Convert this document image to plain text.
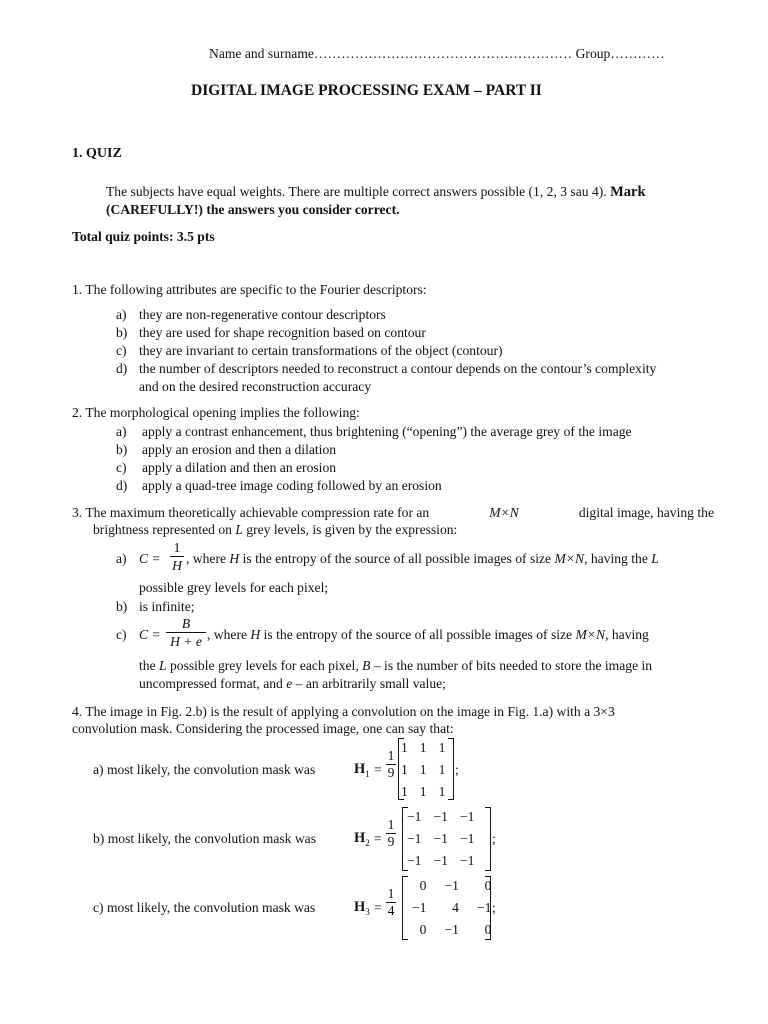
Name and surname………………………………………………… Group…………
DIGITAL IMAGE PROCESSING EXAM – PART II
1. QUIZ
The subjects have equal weights. There are multiple correct answers possible (1, 2, 3 sau 4). Mark
(CAREFULLY!) the answers you consider correct.
Total quiz points: 3.5 pts
1. The following attributes are specific to the Fourier descriptors:
a) they are non-regenerative contour descriptors
b) they are used for shape recognition based on contour
c) they are invariant to certain transformations of the object (contour)
d) the number of descriptors needed to reconstruct a contour depends on the contour’s complexity
and on the desired reconstruction accuracy
2. The morphological opening implies the following:
a) apply a contrast enhancement, thus brightening (“opening”) the average grey of the image
b) apply an erosion and then a dilation
c) apply a dilation and then an erosion
d) apply a quad-tree image coding followed by an erosion
3. The maximum theoretically achievable compression rate for an	M×N	digital image, having the
brightness represented on L grey levels, is given by the expression:
a) C =
1
H , where H is the entropy of the source of all possible images of size M×N, having the L
possible grey levels for each pixel;
b) is infinite;
c) C =
B
H + e , where H is the entropy of the source of all possible images of size M×N, having
the L possible grey levels for each pixel, B – is the number of bits needed to store the image in
uncompressed format, and e – an arbitrarily small value;
4. The image in Fig. 2.b) is the result of applying a convolution on the image in Fig. 1.a) with a 3×3
convolution mask. Considering the processed image, one can say that:
a) most likely, the convolution mask was	$H_1$ =
1
9
1	1	1
1	1	1
1	1	1
;
b) most likely, the convolution mask was	$H_2$ =
1
9
−1	−1	−1
−1	−1	−1
−1	−1	−1
;
c) most likely, the convolution mask was	$H_3$ =
1
4
0	−1	0
−1	4	−1
0	−1	0
;
